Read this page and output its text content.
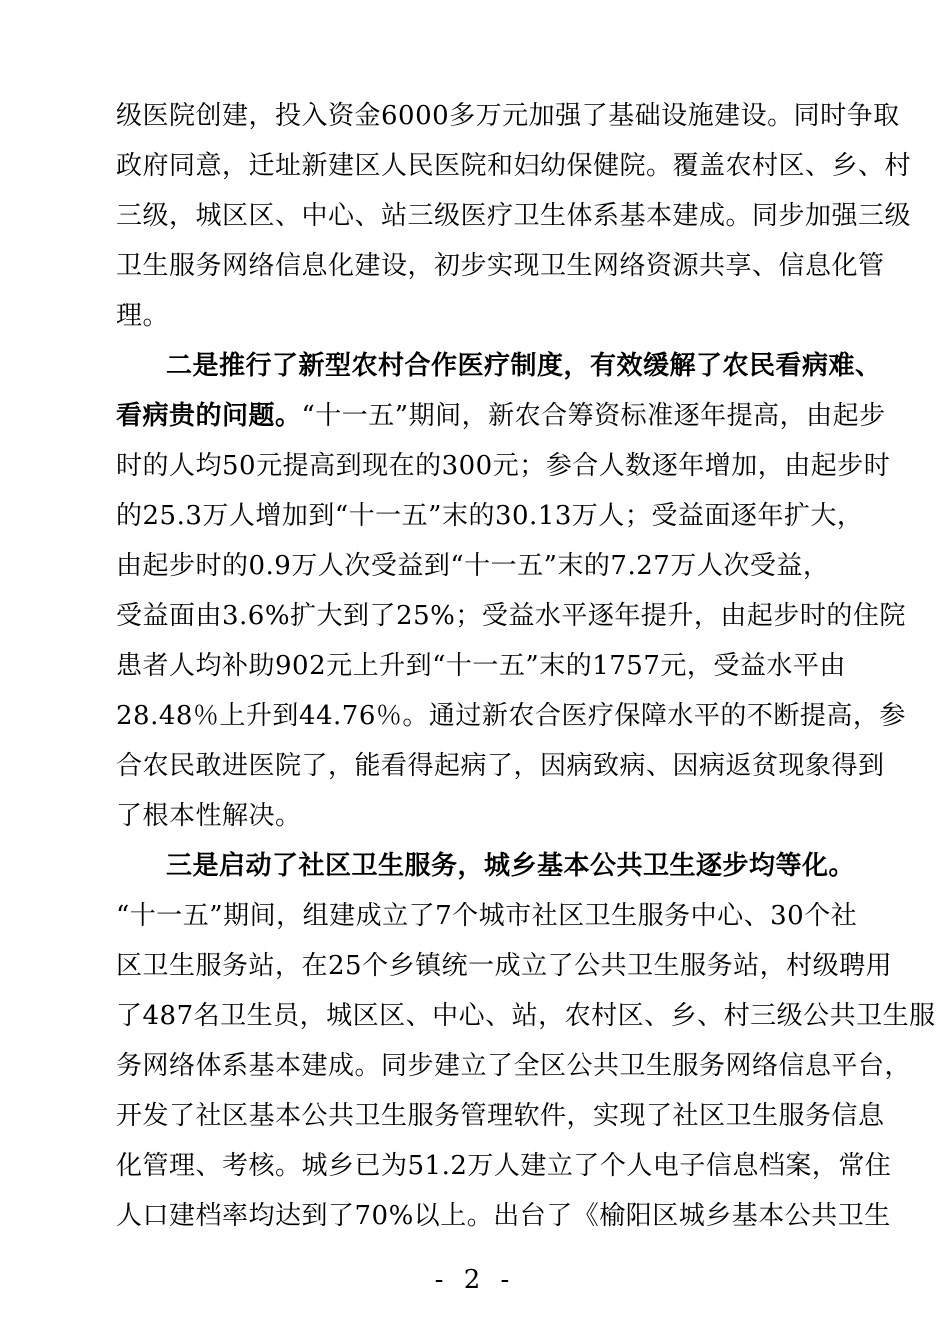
级医院创建，投入资金6000多万元加强了基础设施建设。同时争取
政府同意，迁址新建区人民医院和妇幼保健院。覆盖农村区、乡、村
三级，城区区、中心、站三级医疗卫生体系基本建成。同步加强三级
卫生服务网络信息化建设，初步实现卫生网络资源共享、信息化管
理。
二是推行了新型农村合作医疗制度，有效缓解了农民看病难、
看病贵的问题。“十一五”期间，新农合筹资标准逐年提高，由起步
时的人均50元提高到现在的300元；参合人数逐年增加，由起步时
的25.3万人增加到“十一五”末的30.13万人；受益面逐年扩大，
由起步时的0.9万人次受益到“十一五”末的7.27万人次受益，
受益面由3.6%扩大到了25%；受益水平逐年提升，由起步时的住院
患者人均补助902元上升到“十一五”末的1757元，受益水平由
28.48％上升到44.76％。通过新农合医疗保障水平的不断提高，参
合农民敢进医院了，能看得起病了，因病致病、因病返贫现象得到
了根本性解决。
三是启动了社区卫生服务，城乡基本公共卫生逐步均等化。
“十一五”期间，组建成立了7个城市社区卫生服务中心、30个社
区卫生服务站，在25个乡镇统一成立了公共卫生服务站，村级聘用
了487名卫生员，城区区、中心、站，农村区、乡、村三级公共卫生服
务网络体系基本建成。同步建立了全区公共卫生服务网络信息平台，
开发了社区基本公共卫生服务管理软件，实现了社区卫生服务信息
化管理、考核。城乡已为51.2万人建立了个人电子信息档案，常住
人口建档率均达到了70%以上。出台了《榆阳区城乡基本公共卫生
- 2 -
